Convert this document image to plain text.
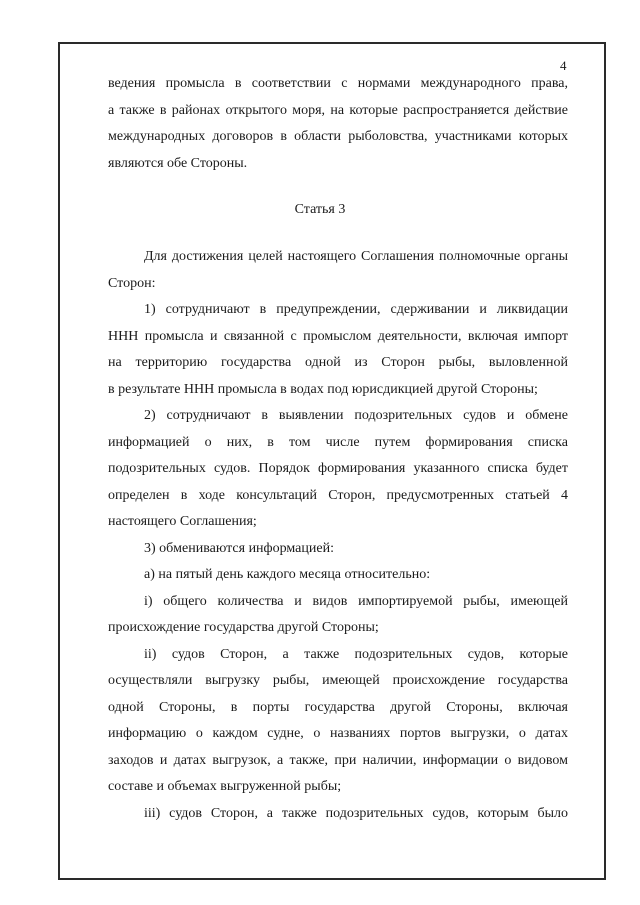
4
ведения промысла в соответствии с нормами международного права,
а также в районах открытого моря, на которые распространяется действие
международных договоров в области рыболовства, участниками которых
являются обе Стороны.
Статья 3
Для достижения целей настоящего Соглашения полномочные органы
Сторон:
1) сотрудничают в предупреждении, сдерживании и ликвидации
ННН промысла и связанной с промыслом деятельности, включая импорт
на территорию государства одной из Сторон рыбы, выловленной
в результате ННН промысла в водах под юрисдикцией другой Стороны;
2) сотрудничают в выявлении подозрительных судов и обмене
информацией о них, в том числе путем формирования списка
подозрительных судов. Порядок формирования указанного списка будет
определен в ходе консультаций Сторон, предусмотренных статьей 4
настоящего Соглашения;
3) обмениваются информацией:
а) на пятый день каждого месяца относительно:
i) общего количества и видов импортируемой рыбы, имеющей
происхождение государства другой Стороны;
ii) судов Сторон, а также подозрительных судов, которые
осуществляли выгрузку рыбы, имеющей происхождение государства
одной Стороны, в порты государства другой Стороны, включая
информацию о каждом судне, о названиях портов выгрузки, о датах
заходов и датах выгрузок, а также, при наличии, информации о видовом
составе и объемах выгруженной рыбы;
iii) судов Сторон, а также подозрительных судов, которым было
